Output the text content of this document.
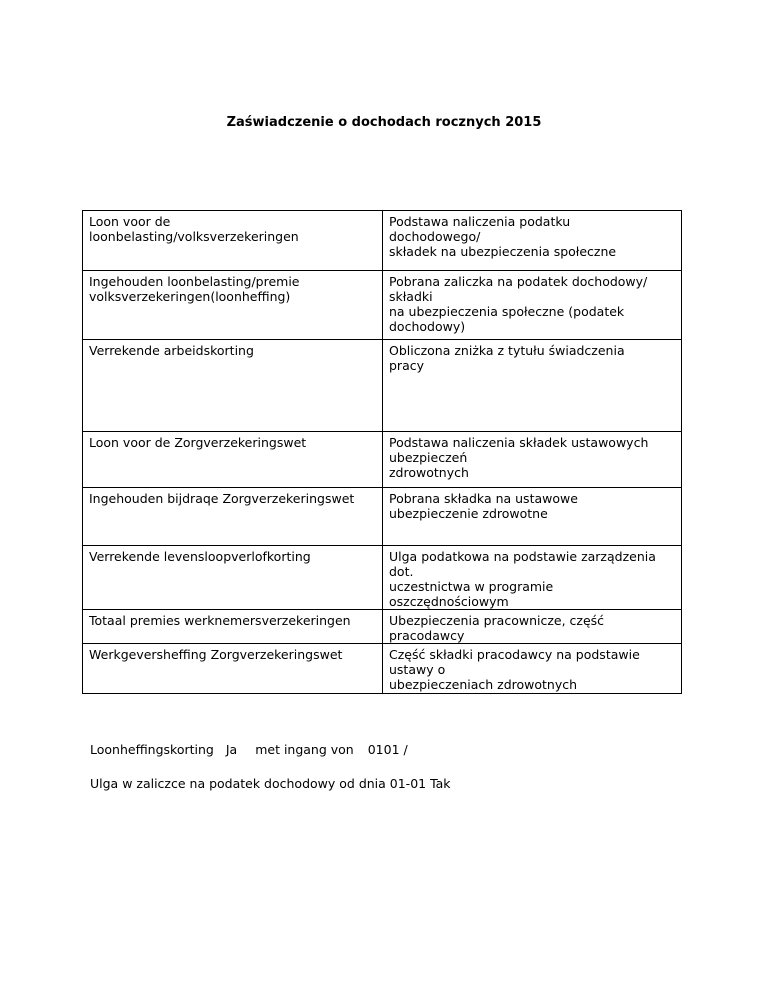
Zaświadczenie o dochodach rocznych 2015
Loon voor de
loonbelasting/volksverzekeringen	Podstawa naliczenia podatku
dochodowego/
składek na ubezpieczenia społeczne

Ingehouden loonbelasting/premie
volksverzekeringen(loonheffing)	Pobrana zaliczka na podatek dochodowy/
składki
na ubezpieczenia społeczne (podatek
dochodowy)

Verrekende arbeidskorting	Obliczona zniżka z tytułu świadczenia
pracy

Loon voor de Zorgverzekeringswet	Podstawa naliczenia składek ustawowych
ubezpieczeń
zdrowotnych

Ingehouden bijdraqe Zorgverzekeringswet	Pobrana składka na ustawowe
ubezpieczenie zdrowotne

Verrekende levensloopverlofkorting	Ulga podatkowa na podstawie zarządzenia
dot.
uczestnictwa w programie
oszczędnościowym

Totaal premies werknemersverzekeringen	Ubezpieczenia pracownicze, część
pracodawcy

Werkgeversheffing Zorgverzekeringswet	Część składki pracodawcy na podstawie
ustawy o
ubezpieczeniach zdrowotnych
Loonheffingskorting Ja met ingang von 0101 /
Ulga w zaliczce na podatek dochodowy od dnia 01-01 Tak
